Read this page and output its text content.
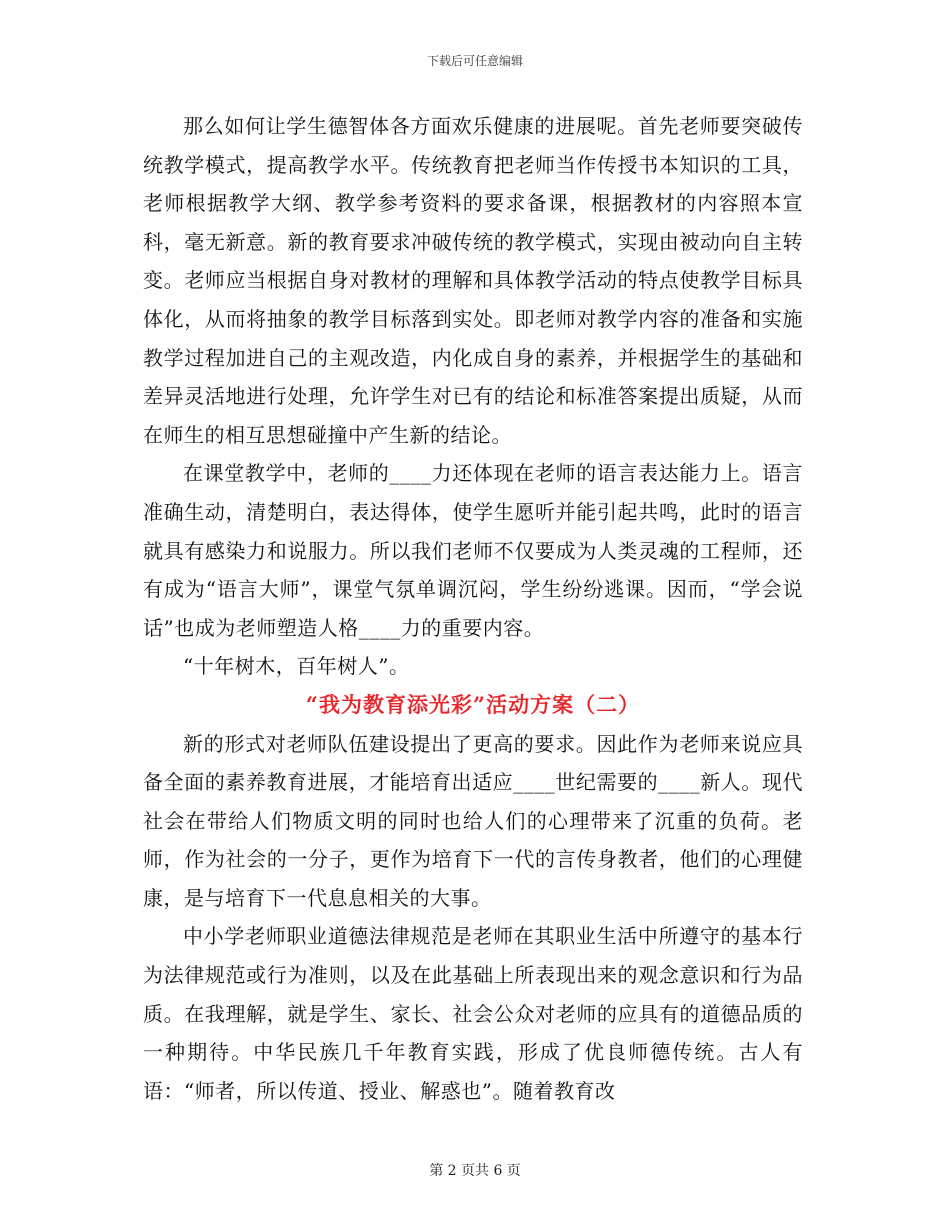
下载后可任意编辑

那么如何让学生德智体各方面欢乐健康的进展呢。首先老师要突破传统教学模式，提高教学水平。传统教育把老师当作传授书本知识的工具，老师根据教学大纲、教学参考资料的要求备课，根据教材的内容照本宣科，毫无新意。新的教育要求冲破传统的教学模式，实现由被动向自主转变。老师应当根据自身对教材的理解和具体教学活动的特点使教学目标具体化，从而将抽象的教学目标落到实处。即老师对教学内容的准备和实施教学过程加进自己的主观改造，内化成自身的素养，并根据学生的基础和差异灵活地进行处理，允许学生对已有的结论和标准答案提出质疑，从而在师生的相互思想碰撞中产生新的结论。

在课堂教学中，老师的____力还体现在老师的语言表达能力上。语言准确生动，清楚明白，表达得体，使学生愿听并能引起共鸣，此时的语言就具有感染力和说服力。所以我们老师不仅要成为人类灵魂的工程师，还有成为“语言大师”，课堂气氛单调沉闷，学生纷纷逃课。因而，“学会说话”也成为老师塑造人格____力的重要内容。

“十年树木，百年树人”。

“我为教育添光彩”活动方案（二）

新的形式对老师队伍建设提出了更高的要求。因此作为老师来说应具备全面的素养教育进展，才能培育出适应____世纪需要的____新人。现代社会在带给人们物质文明的同时也给人们的心理带来了沉重的负荷。老师，作为社会的一分子，更作为培育下一代的言传身教者，他们的心理健康，是与培育下一代息息相关的大事。

中小学老师职业道德法律规范是老师在其职业生活中所遵守的基本行为法律规范或行为准则，以及在此基础上所表现出来的观念意识和行为品质。在我理解，就是学生、家长、社会公众对老师的应具有的道德品质的一种期待。中华民族几千年教育实践，形成了优良师德传统。古人有语：“师者，所以传道、授业、解惑也”。随着教育改

第 2 页共 6 页
